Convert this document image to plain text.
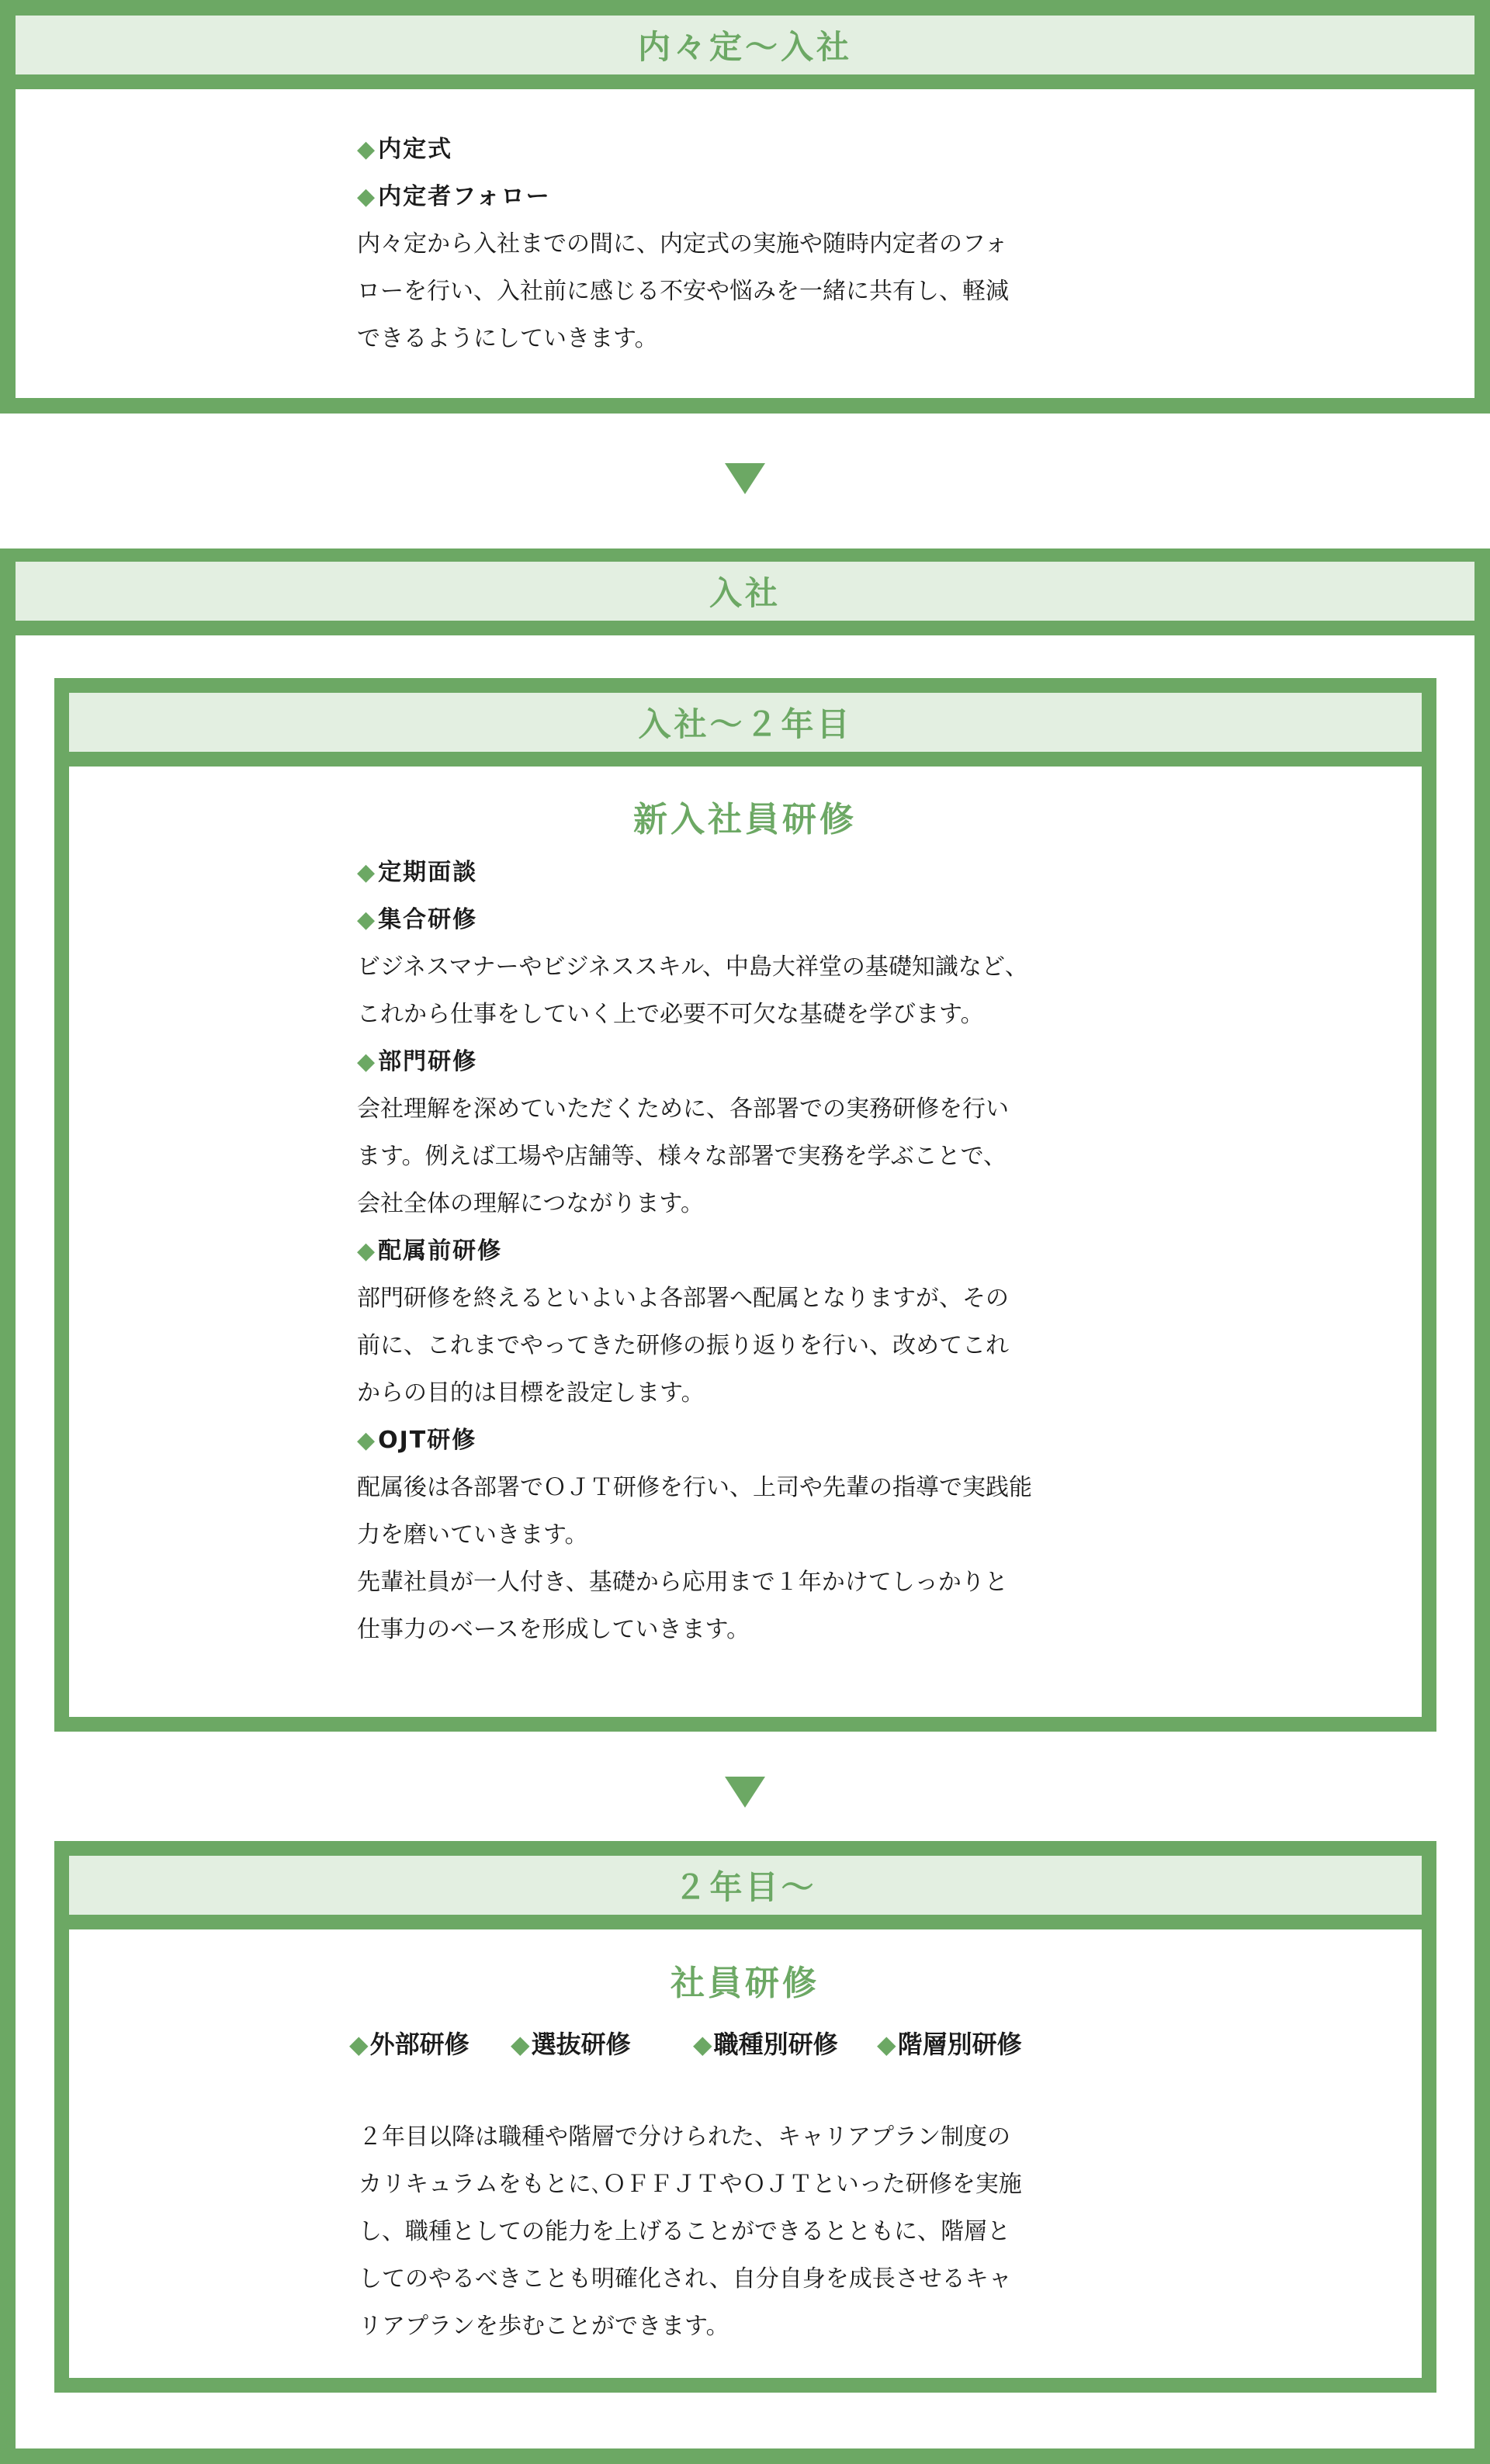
内々定～入社
◆内定式
◆内定者フォロー
内々定から入社までの間に、内定式の実施や随時内定者のフォ
ローを行い、入社前に感じる不安や悩みを一緒に共有し、軽減
できるようにしていきます。
入社
入社～２年目
新入社員研修
◆定期面談
◆集合研修
ビジネスマナーやビジネススキル、中島大祥堂の基礎知識など、
これから仕事をしていく上で必要不可欠な基礎を学びます。
◆部門研修
会社理解を深めていただくために、各部署での実務研修を行い
ます。例えば工場や店舗等、様々な部署で実務を学ぶことで、
会社全体の理解につながります。
◆配属前研修
部門研修を終えるといよいよ各部署へ配属となりますが、その
前に、これまでやってきた研修の振り返りを行い、改めてこれ
からの目的は目標を設定します。
◆OJT研修
配属後は各部署でＯＪＴ研修を行い、上司や先輩の指導で実践能
力を磨いていきます。
先輩社員が一人付き、基礎から応用まで１年かけてしっかりと
仕事力のベースを形成していきます。
２年目～
社員研修
◆外部研修 ◆選抜研修	◆職種別研修 ◆階層別研修
２年目以降は職種や階層で分けられた、キャリアプラン制度の
カリキュラムをもとに､ＯＦＦＪＴやＯＪＴといった研修を実施
し、職種としての能力を上げることができるとともに、階層と
してのやるべきことも明確化され、自分自身を成長させるキャ
リアプランを歩むことができます。
